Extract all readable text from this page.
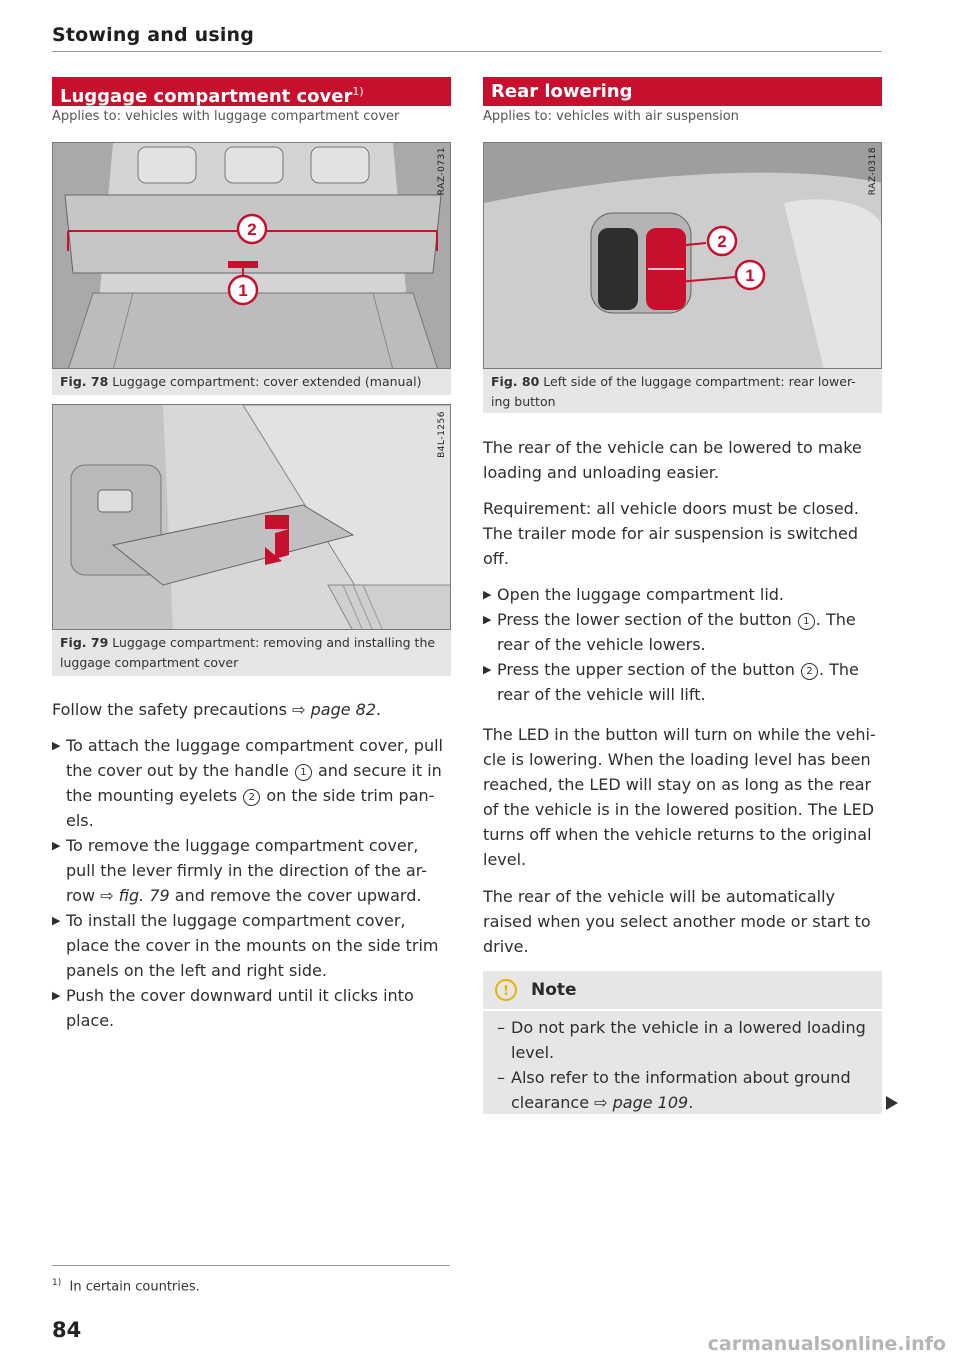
Stowing and using
Luggage compartment cover$^{1)}$
Applies to: vehicles with luggage compartment cover
2
1
RAZ-0731
Fig. 78 Luggage compartment: cover extended (manual)
B4L-1256
Fig. 79 Luggage compartment: removing and installing the luggage compartment cover
Follow the safety precautions ⇨ page 82.
▶ To attach the luggage compartment cover, pull the cover out by the handle 1 and secure it in the mounting eyelets 2 on the side trim pan-els.
▶ To remove the luggage compartment cover, pull the lever firmly in the direction of the ar-row ⇨ fig. 79 and remove the cover upward.
▶ To install the luggage compartment cover, place the cover in the mounts on the side trim panels on the left and right side.
▶ Push the cover downward until it clicks into place.
Rear lowering
Applies to: vehicles with air suspension
2
1
RAZ-0318
Fig. 80 Left side of the luggage compartment: rear lower-ing button
The rear of the vehicle can be lowered to make loading and unloading easier.
Requirement: all vehicle doors must be closed. The trailer mode for air suspension is switched off.
▶ Open the luggage compartment lid.
▶ Press the lower section of the button 1 . The rear of the vehicle lowers.
▶ Press the upper section of the button 2 . The rear of the vehicle will lift.
The LED in the button will turn on while the vehi-cle is lowering. When the loading level has been reached, the LED will stay on as long as the rear of the vehicle is in the lowered position. The LED turns off when the vehicle returns to the original level.
The rear of the vehicle will be automatically raised when you select another mode or start to drive.
!	Note
– Do not park the vehicle in a lowered loading level.
– Also refer to the information about ground clearance ⇨ page 109.
$^{1)}$ In certain countries.
84
carmanualsonline.info
